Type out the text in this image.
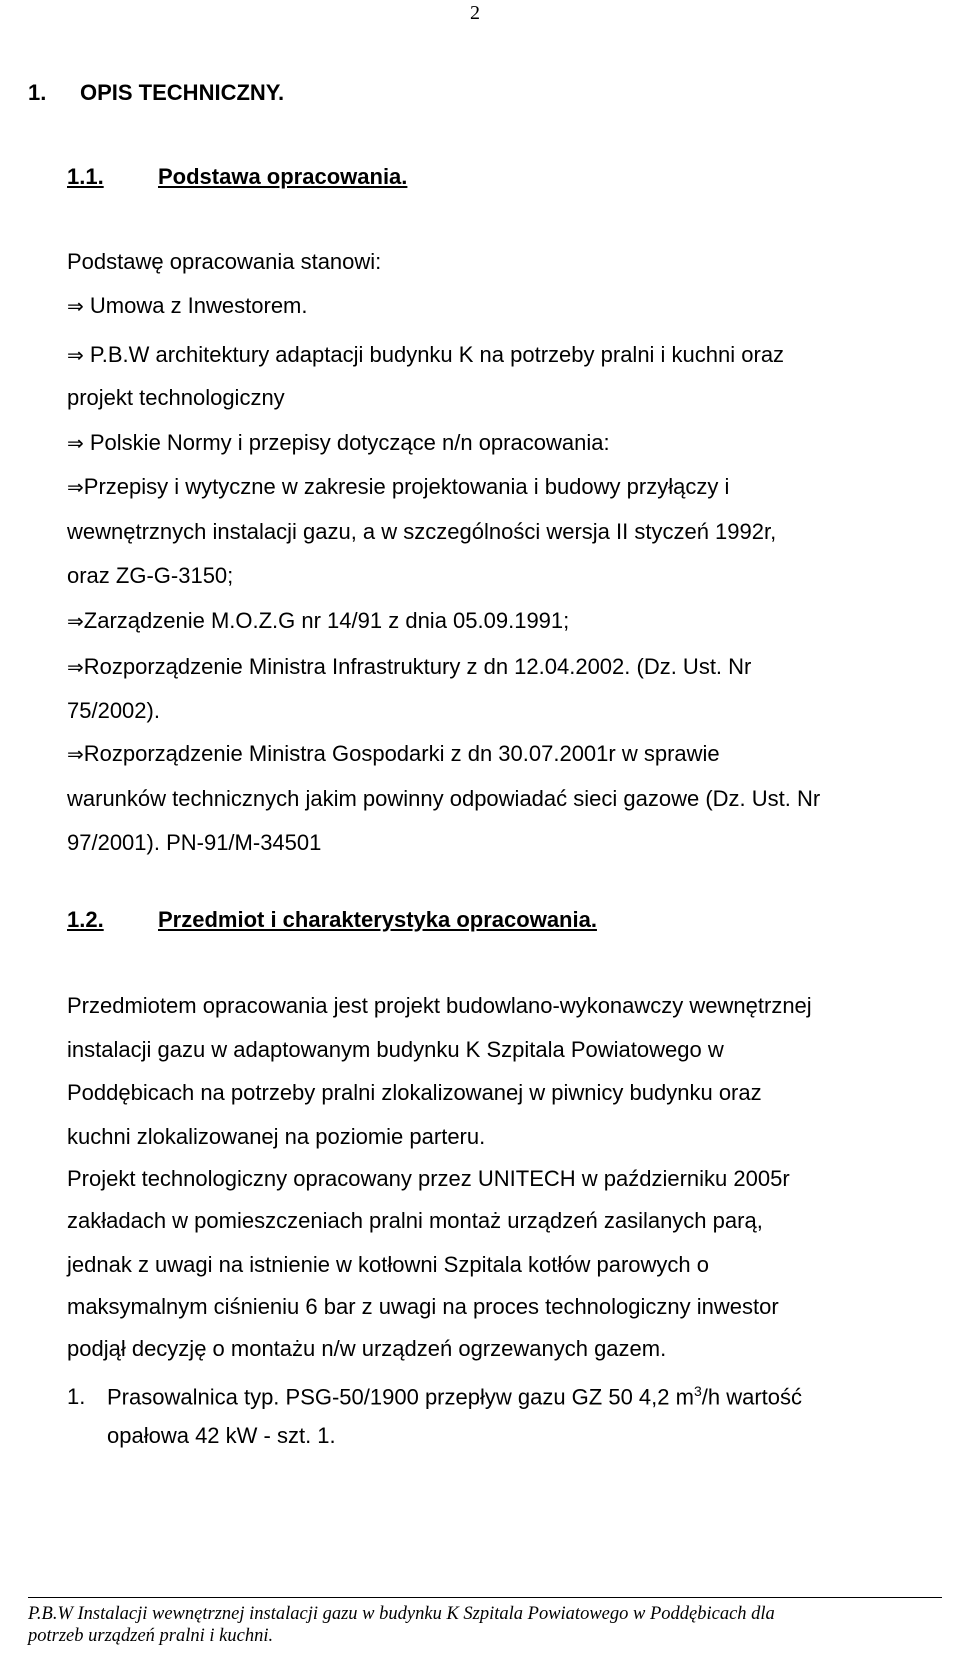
2
1. OPIS TECHNICZNY.
1.1. Podstawa opracowania.
Podstawę opracowania stanowi:
⇒ Umowa z Inwestorem.
⇒ P.B.W architektury adaptacji budynku K na potrzeby pralni i kuchni oraz
projekt technologiczny
⇒ Polskie Normy i przepisy dotyczące n/n opracowania:
⇒Przepisy i wytyczne w zakresie projektowania i budowy przyłączy i
wewnętrznych instalacji gazu, a w szczególności wersja II styczeń 1992r,
oraz ZG-G-3150;
⇒Zarządzenie M.O.Z.G nr 14/91 z dnia 05.09.1991;
⇒Rozporządzenie Ministra Infrastruktury z dn 12.04.2002. (Dz. Ust. Nr
75/2002).
⇒Rozporządzenie Ministra Gospodarki z dn 30.07.2001r w sprawie
warunków technicznych jakim powinny odpowiadać sieci gazowe (Dz. Ust. Nr
97/2001). PN-91/M-34501
1.2. Przedmiot i charakterystyka opracowania.
Przedmiotem opracowania jest projekt budowlano-wykonawczy wewnętrznej
instalacji gazu w adaptowanym budynku K Szpitala Powiatowego w
Poddębicach na potrzeby pralni zlokalizowanej w piwnicy budynku oraz
kuchni zlokalizowanej na poziomie parteru.
Projekt technologiczny opracowany przez UNITECH w październiku 2005r
zakładach w pomieszczeniach pralni montaż urządzeń zasilanych parą,
jednak z uwagi na istnienie w kotłowni Szpitala kotłów parowych o
maksymalnym ciśnieniu 6 bar z uwagi na proces technologiczny inwestor
podjął decyzję o montażu n/w urządzeń ogrzewanych gazem.
1. Prasowalnica typ. PSG-50/1900 przepływ gazu GZ 50 4,2 $m^3/h$ wartość
opałowa 42 kW - szt. 1.
P.B.W Instalacji wewnętrznej instalacji gazu w budynku K Szpitala Powiatowego w Poddębicach dla
potrzeb urządzeń pralni i kuchni.
